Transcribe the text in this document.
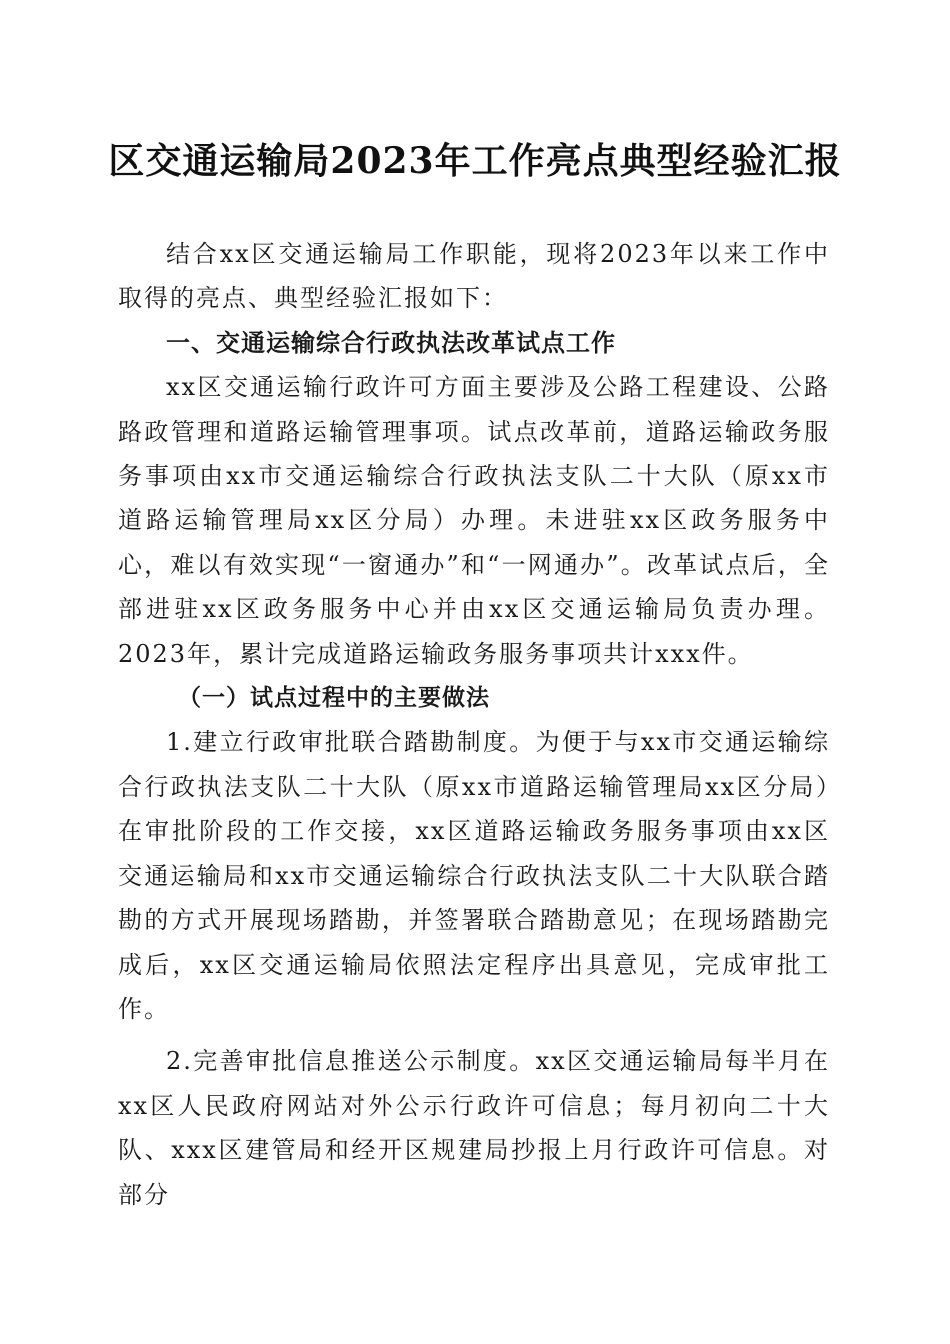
区交通运输局2023年工作亮点典型经验汇报

结合xx区交通运输局工作职能，现将2023年以来工作中取得的亮点、典型经验汇报如下：

一、交通运输综合行政执法改革试点工作

xx区交通运输行政许可方面主要涉及公路工程建设、公路路政管理和道路运输管理事项。试点改革前，道路运输政务服务事项由xx市交通运输综合行政执法支队二十大队（原xx市道路运输管理局xx区分局）办理。未进驻xx区政务服务中心，难以有效实现“一窗通办”和“一网通办”。改革试点后，全部进驻xx区政务服务中心并由xx区交通运输局负责办理。2023年，累计完成道路运输政务服务事项共计xxx件。

（一）试点过程中的主要做法

1.建立行政审批联合踏勘制度。为便于与xx市交通运输综合行政执法支队二十大队（原xx市道路运输管理局xx区分局）在审批阶段的工作交接，xx区道路运输政务服务事项由xx区交通运输局和xx市交通运输综合行政执法支队二十大队联合踏勘的方式开展现场踏勘，并签署联合踏勘意见；在现场踏勘完成后，xx区交通运输局依照法定程序出具意见，完成审批工作。

2.完善审批信息推送公示制度。xx区交通运输局每半月在xx区人民政府网站对外公示行政许可信息；每月初向二十大队、xxx区建管局和经开区规建局抄报上月行政许可信息。对部分
